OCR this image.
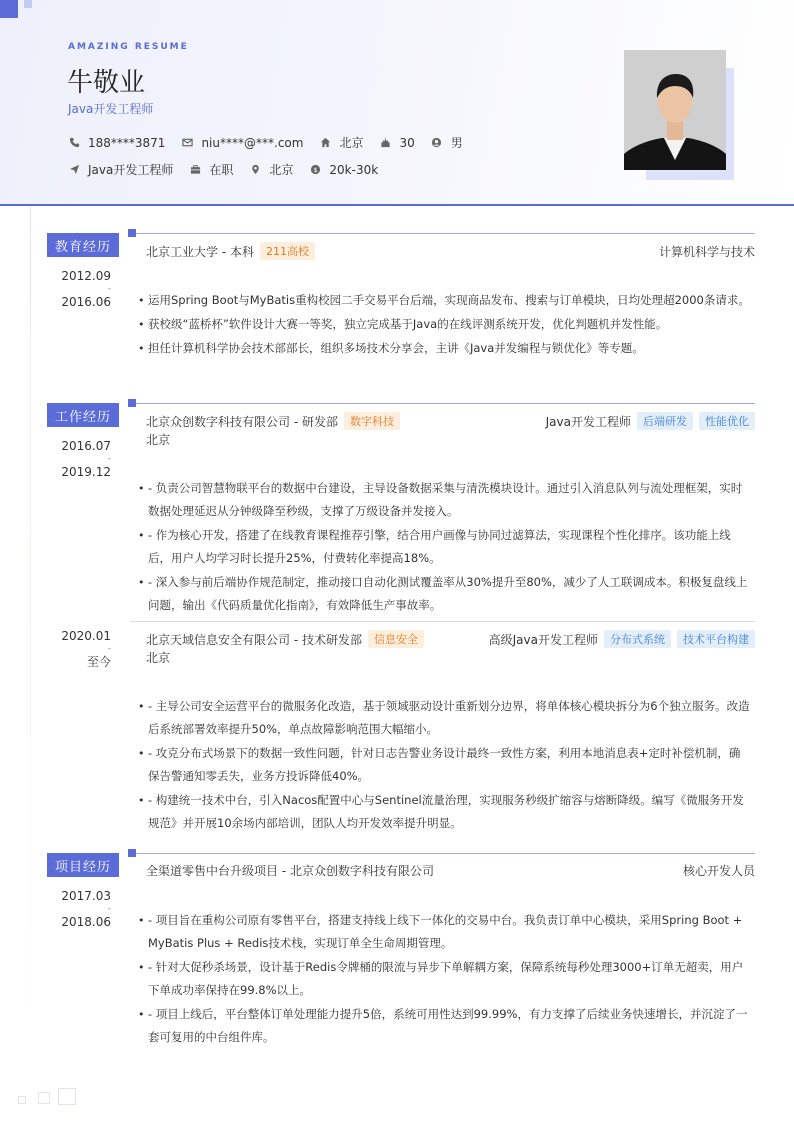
AMAZING RESUME
牛敬业
Java开发工程师
188****3871	niu****@***.com	北京	30	男
Java开发工程师	在职	北京	$ 20k-30k
教育经历
2012.09
-
2016.06
北京工业大学 - 本科	211高校	计算机科学与技术
• 运用Spring Boot与MyBatis重构校园二手交易平台后端，实现商品发布、搜索与订单模块，日均处理超2000条请求。
• 获校级“蓝桥杯”软件设计大赛一等奖，独立完成基于Java的在线评测系统开发，优化判题机并发性能。
• 担任计算机科学协会技术部部长，组织多场技术分享会，主讲《Java并发编程与锁优化》等专题。
工作经历
2016.07
-
2019.12
北京众创数字科技有限公司 - 研发部	数字科技	Java开发工程师	后端研发	性能优化
北京
• - 负责公司智慧物联平台的数据中台建设，主导设备数据采集与清洗模块设计。通过引入消息队列与流处理框架，实时数据处理延迟从分钟级降至秒级，支撑了万级设备并发接入。
• - 作为核心开发，搭建了在线教育课程推荐引擎，结合用户画像与协同过滤算法，实现课程个性化排序。该功能上线后，用户人均学习时长提升25%，付费转化率提高18%。
• - 深入参与前后端协作规范制定，推动接口自动化测试覆盖率从30%提升至80%，减少了人工联调成本。积极复盘线上问题，输出《代码质量优化指南》，有效降低生产事故率。
2020.01
-
至今
北京天域信息安全有限公司 - 技术研发部	信息安全	高级Java开发工程师	分布式系统	技术平台构建
北京
• - 主导公司安全运营平台的微服务化改造，基于领域驱动设计重新划分边界，将单体核心模块拆分为6个独立服务。改造后系统部署效率提升50%，单点故障影响范围大幅缩小。
• - 攻克分布式场景下的数据一致性问题，针对日志告警业务设计最终一致性方案，利用本地消息表+定时补偿机制，确保告警通知零丢失，业务方投诉降低40%。
• - 构建统一技术中台，引入Nacos配置中心与Sentinel流量治理，实现服务秒级扩缩容与熔断降级。编写《微服务开发规范》并开展10余场内部培训，团队人均开发效率提升明显。
项目经历
2017.03
-
2018.06
全渠道零售中台升级项目 - 北京众创数字科技有限公司	核心开发人员
• - 项目旨在重构公司原有零售平台，搭建支持线上线下一体化的交易中台。我负责订单中心模块，采用Spring Boot + MyBatis Plus + Redis技术栈，实现订单全生命周期管理。
• - 针对大促秒杀场景，设计基于Redis令牌桶的限流与异步下单解耦方案，保障系统每秒处理3000+订单无超卖，用户下单成功率保持在99.8%以上。
• - 项目上线后，平台整体订单处理能力提升5倍，系统可用性达到99.99%，有力支撑了后续业务快速增长，并沉淀了一套可复用的中台组件库。
